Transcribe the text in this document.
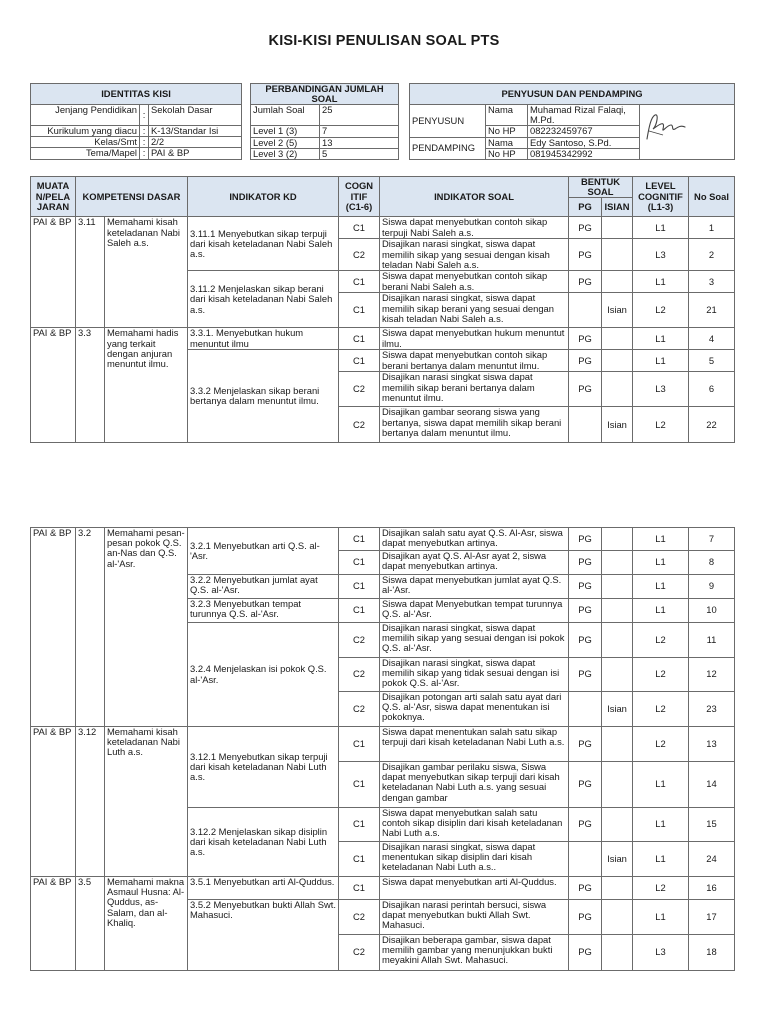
KISI-KISI PENULISAN SOAL PTS
IDENTITAS KISI		
Jenjang Pendidikan	:	Sekolah Dasar
Kurikulum yang diacu	:	K-13/Standar Isi
Kelas/Smt	:	2/2
Tema/Mapel	:	PAI & BP
PERBANDINGAN JUMLAH SOAL	
Jumlah Soal	25
Level 1 (3)	7
Level 2 (5)	13
Level 3 (2)	5
PENYUSUN DAN PENDAMPING			
PENYUSUN	Nama	Muhamad Rizal Falaqi, M.Pd.	
	No HP	082232459767	
PENDAMPING	Nama	Edy Santoso, S.Pd.	
	No HP	081945342992	
MUATA N/PELA JARAN	KOMPETENSI DASAR		INDIKATOR KD	COGN ITIF (C1-6)	INDIKATOR SOAL	BENTUK SOAL		LEVEL COGNITIF (L1-3)	No Soal
						PG	ISIAN		
PAI & BP	3.11	Memahami kisah keteladanan Nabi Saleh a.s.	3.11.1 Menyebutkan sikap terpuji dari kisah keteladanan Nabi Saleh a.s.	C1	Siswa dapat menyebutkan contoh sikap terpuji Nabi Saleh a.s.	PG		L1	1
				C2	Disajikan narasi singkat, siswa dapat memilih sikap yang sesuai dengan kisah teladan Nabi Saleh a.s.	PG		L3	2
			3.11.2 Menjelaskan sikap berani dari kisah keteladanan Nabi Saleh a.s.	C1	Siswa dapat menyebutkan contoh sikap berani Nabi Saleh a.s.	PG		L1	3
				C1	Disajikan narasi singkat, siswa dapat memilih sikap berani yang sesuai dengan kisah teladan Nabi Saleh a.s.		Isian	L2	21
PAI & BP	3.3	Memahami hadis yang terkait dengan anjuran menuntut ilmu.	3.3.1. Menyebutkan hukum menuntut ilmu	C1	Siswa dapat menyebutkan hukum menuntut ilmu.	PG		L1	4
			3.3.2 Menjelaskan sikap berani bertanya dalam menuntut ilmu.	C1	Siswa dapat menyebutkan contoh sikap berani bertanya dalam menuntut ilmu.	PG		L1	5
				C2	Disajikan narasi singkat siswa dapat memilih sikap berani bertanya dalam menuntut ilmu.	PG		L3	6
				C2	Disajikan gambar seorang siswa yang bertanya, siswa dapat memilih sikap berani bertanya dalam menuntut ilmu.		Isian	L2	22
PAI & BP	3.2	Memahami pesan-pesan pokok Q.S. an-Nas dan Q.S. al-'Asr.	3.2.1 Menyebutkan arti Q.S. al-'Asr.	C1	Disajikan salah satu ayat Q.S. Al-Asr, siswa dapat menyebutkan artinya.	PG		L1	7
				C1	Disajikan ayat Q.S. Al-Asr ayat 2, siswa dapat menyebutkan artinya.	PG		L1	8
			3.2.2 Menyebutkan jumlat ayat Q.S. al-'Asr.	C1	Siswa dapat menyebutkan jumlat ayat Q.S. al-'Asr.	PG		L1	9
			3.2.3 Menyebutkan tempat turunnya Q.S. al-'Asr.	C1	Siswa dapat Menyebutkan tempat turunnya Q.S. al-'Asr.	PG		L1	10
			3.2.4 Menjelaskan isi pokok Q.S. al-'Asr.	C2	Disajikan narasi singkat, siswa dapat memilih sikap yang sesuai dengan isi pokok Q.S. al-'Asr.	PG		L2	11
				C2	Disajikan narasi singkat, siswa dapat memilih sikap yang tidak sesuai dengan isi pokok Q.S. al-'Asr.	PG		L2	12
				C2	Disajikan potongan arti salah satu ayat dari Q.S. al-'Asr, siswa dapat menentukan isi pokoknya.		Isian	L2	23
PAI & BP	3.12	Memahami kisah keteladanan Nabi Luth a.s.	3.12.1 Menyebutkan sikap terpuji dari kisah keteladanan Nabi Luth a.s.	C1	Siswa dapat menentukan salah satu sikap terpuji dari kisah keteladanan Nabi Luth a.s.	PG		L2	13
				C1	Disajikan gambar perilaku siswa, Siswa dapat menyebutkan sikap terpuji dari kisah keteladanan Nabi Luth a.s. yang sesuai dengan gambar	PG		L1	14
			3.12.2 Menjelaskan sikap disiplin dari kisah keteladanan Nabi Luth a.s.	C1	Siswa dapat menyebutkan salah satu contoh sikap disiplin dari kisah keteladanan Nabi Luth a.s.	PG		L1	15
				C1	Disajikan narasi singkat, siswa dapat menentukan sikap disiplin dari kisah keteladanan Nabi Luth a.s..		Isian	L1	24
PAI & BP	3.5	Memahami makna Asmaul Husna: Al-Quddus, as-Salam, dan al-Khaliq.	3.5.1 Menyebutkan arti Al-Quddus.	C1	Siswa dapat menyebutkan arti Al-Quddus.	PG		L2	16
			3.5.2 Menyebutkan bukti Allah Swt. Mahasuci.	C2	Disajikan narasi perintah bersuci, siswa dapat menyebutkan bukti Allah Swt. Mahasuci.	PG		L1	17
				C2	Disajikan beberapa gambar, siswa dapat memilih gambar yang menunjukkan bukti meyakini Allah Swt. Mahasuci.	PG		L3	18
